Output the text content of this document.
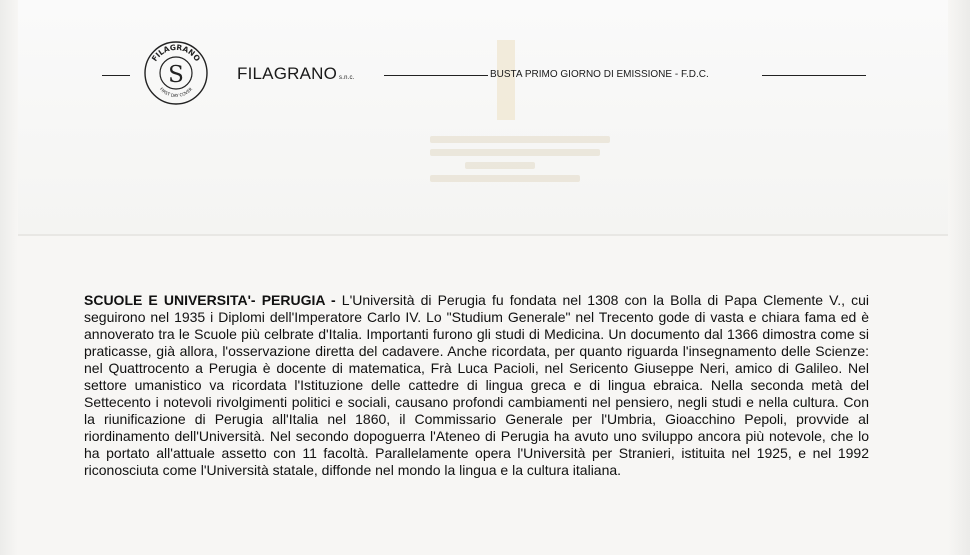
FILAGRANO
S
FIRST DAY COVER
FILAGRANO s.n.c.	BUSTA PRIMO GIORNO DI EMISSIONE - F.D.C.
SCUOLE E UNIVERSITA'- PERUGIA - L'Università di Perugia fu fondata nel 1308 con la Bolla di Papa Clemente V., cui seguirono nel 1935 i Diplomi dell'Imperatore Carlo IV. Lo "Studium Generale" nel Trecento gode di vasta e chiara fama ed è annoverato tra le Scuole più celbrate d'Italia. Importanti furono gli studi di Medicina. Un documento dal 1366 dimostra come si praticasse, già allora, l'osservazione diretta del cadavere. Anche ricordata, per quanto riguarda l'insegnamento delle Scienze: nel Quattrocento a Perugia è docente di matematica, Frà Luca Pacioli, nel Sericento Giuseppe Neri, amico di Galileo. Nel settore umanistico va ricordata l'Istituzione delle cattedre di lingua greca e di lingua ebraica. Nella seconda metà del Settecento i notevoli rivolgimenti politici e sociali, causano profondi cambiamenti nel pensiero, negli studi e nella cultura. Con la riunificazione di Perugia all'Italia nel 1860, il Commissario Generale per l'Umbria, Gioacchino Pepoli, provvide al riordinamento dell'Università. Nel secondo dopoguerra l'Ateneo di Perugia ha avuto uno sviluppo ancora più notevole, che lo ha portato all'attuale assetto con 11 facoltà. Parallelamente opera l'Università per Stranieri, istituita nel 1925, e nel 1992 riconosciuta come l'Università statale, diffonde nel mondo la lingua e la cultura italiana.
